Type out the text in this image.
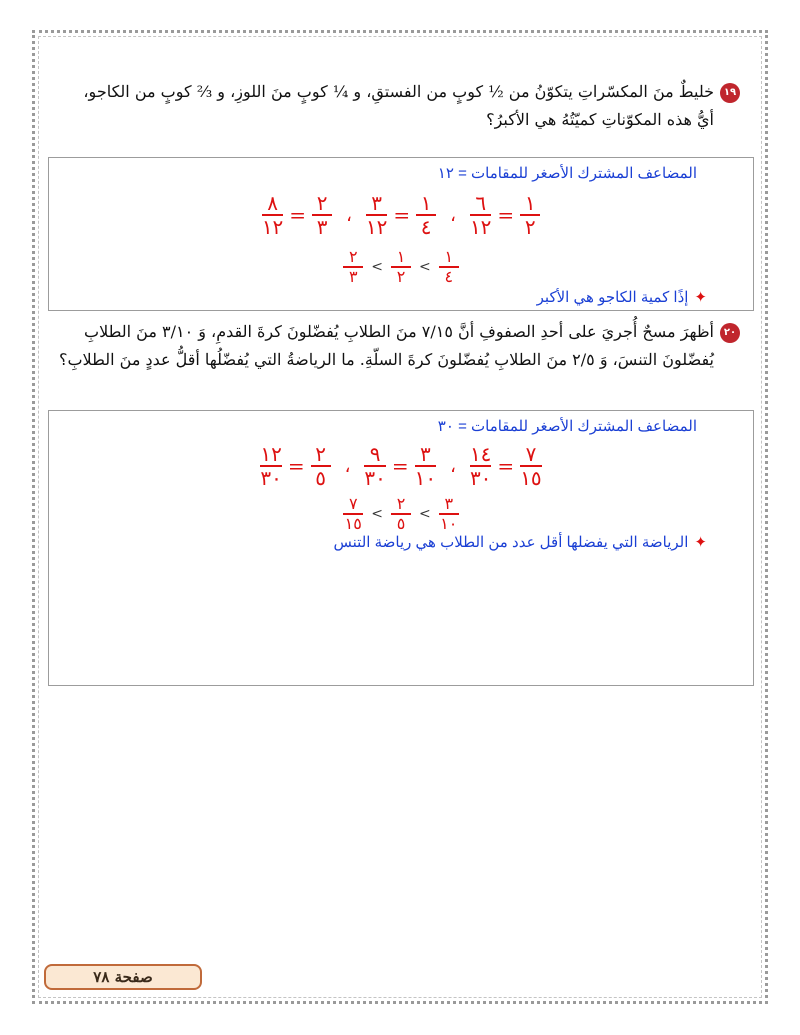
١٩خليطٌ منَ المكسّراتِ يتكوّنُ من ½ كوبٍ من الفستقِ، و ¼ كوبٍ منَ اللوزِ، و ⅔ كوبٍ من الكاجو،
أيُّ هذه المكوّناتِ كميّتُهُ هي الأكبرُ؟
المضاعف المشترك الأصغر للمقامات = ١٢
$\frac{١}{٢}$
=
$\frac{٦}{١٢}$
،
$\frac{١}{٤}$
=
$\frac{٣}{١٢}$
،
$\frac{٢}{٣}$
=
$\frac{٨}{١٢}$
$\frac{١}{٤}$
>
$\frac{١}{٢}$
>
$\frac{٢}{٣}$
✦إذًا كمية الكاجو هي الأكبر
٢٠أظهرَ مسحٌ أُجريَ على أحدِ الصفوفِ أنَّ ٧/١٥ منَ الطلابِ يُفضّلونَ كرةَ القدمِ، وَ ٣/١٠ منَ الطلابِ
يُفضّلونَ التنسَ، وَ ٢/٥ منَ الطلابِ يُفضّلونَ كرةَ السلّةِ. ما الرياضةُ التي يُفضّلُها أقلُّ عددٍ منَ الطلابِ؟
المضاعف المشترك الأصغر للمقامات = ٣٠
$\frac{٧}{١٥}$
=
$\frac{١٤}{٣٠}$
،
$\frac{٣}{١٠}$
=
$\frac{٩}{٣٠}$
،
$\frac{٢}{٥}$
=
$\frac{١٢}{٣٠}$
$\frac{٣}{١٠}$
>
$\frac{٢}{٥}$
>
$\frac{٧}{١٥}$
✦الرياضة التي يفضلها أقل عدد من الطلاب هي رياضة التنس
صفحة ٧٨
